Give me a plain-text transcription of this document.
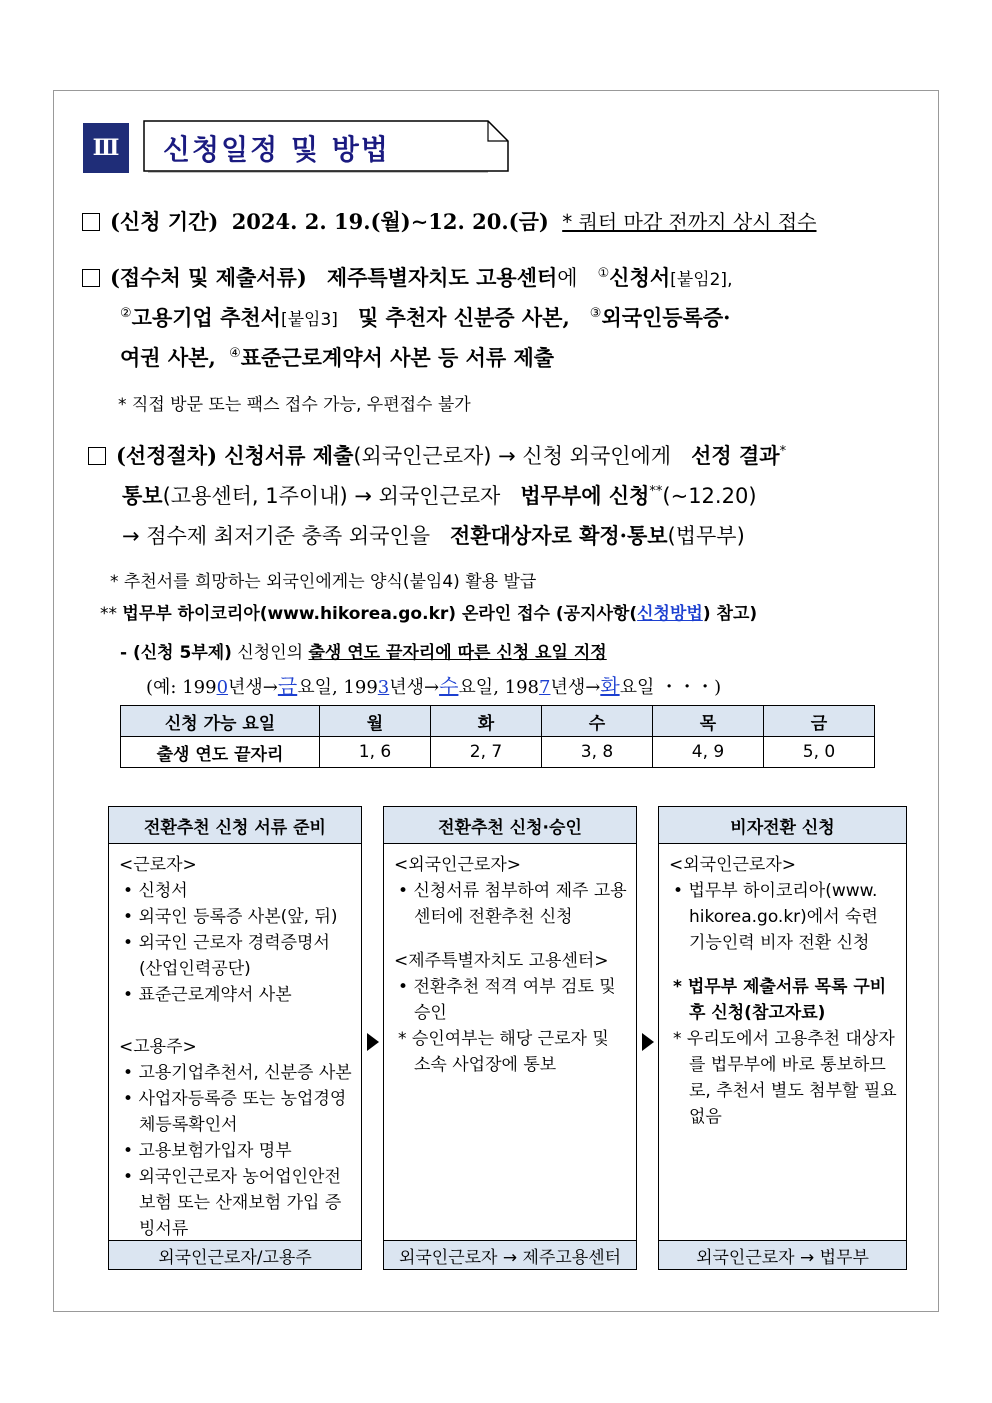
Ⅲ	신청일정 및 방법
(신청 기간) 2024. 2. 19.(월)∼12. 20.(금) * 쿼터 마감 전까지 상시 접수
(접수처 및 제출서류) 제주특별자치도 고용센터에 ①신청서[붙임2],
②고용기업 추천서[붙임3] 및 추천자 신분증 사본, ③외국인등록증·
여권 사본, ④표준근로계약서 사본 등 서류 제출
* 직접 방문 또는 팩스 접수 가능, 우편접수 불가
(선정절차) 신청서류 제출(외국인근로자) → 신청 외국인에게 선정 결과*
통보(고용센터, 1주이내) → 외국인근로자 법무부에 신청**(~12.20)
→ 점수제 최저기준 충족 외국인을 전환대상자로 확정·통보(법무부)
* 추천서를 희망하는 외국인에게는 양식(붙임4) 활용 발급
** 법무부 하이코리아(www.hikorea.go.kr) 온라인 접수 (공지사항(신청방법) 참고)
- (신청 5부제) 신청인의 출생 연도 끝자리에 따른 신청 요일 지정
(예: 1990년생→금요일, 1993년생→수요일, 1987년생→화요일 ・・・)
신청 가능 요일	월	화	수	목	금
출생 연도 끝자리	1, 6	2, 7	3, 8	4, 9	5, 0
전환추천 신청 서류 준비
<근로자>
• 신청서
• 외국인 등록증 사본(앞, 뒤)
• 외국인 근로자 경력증명서 (산업인력공단)
• 표준근로계약서 사본
<고용주>
• 고용기업추천서, 신분증 사본
• 사업자등록증 또는 농업경영체등록확인서
• 고용보험가입자 명부
• 외국인근로자 농어업인안전보험 또는 산재보험 가입 증빙서류
외국인근로자/고용주
전환추천 신청·승인
<외국인근로자>
• 신청서류 첨부하여 제주 고용센터에 전환추천 신청
<제주특별자치도 고용센터>
• 전환추천 적격 여부 검토 및 승인
* 승인여부는 해당 근로자 및 소속 사업장에 통보
외국인근로자 → 제주고용센터
비자전환 신청
<외국인근로자>
• 법무부 하이코리아(www. hikorea.go.kr)에서 숙련 기능인력 비자 전환 신청
* 법무부 제출서류 목록 구비후 신청(참고자료)
* 우리도에서 고용추천 대상자를 법무부에 바로 통보하므로, 추천서 별도 첨부할 필요 없음
외국인근로자 → 법무부
